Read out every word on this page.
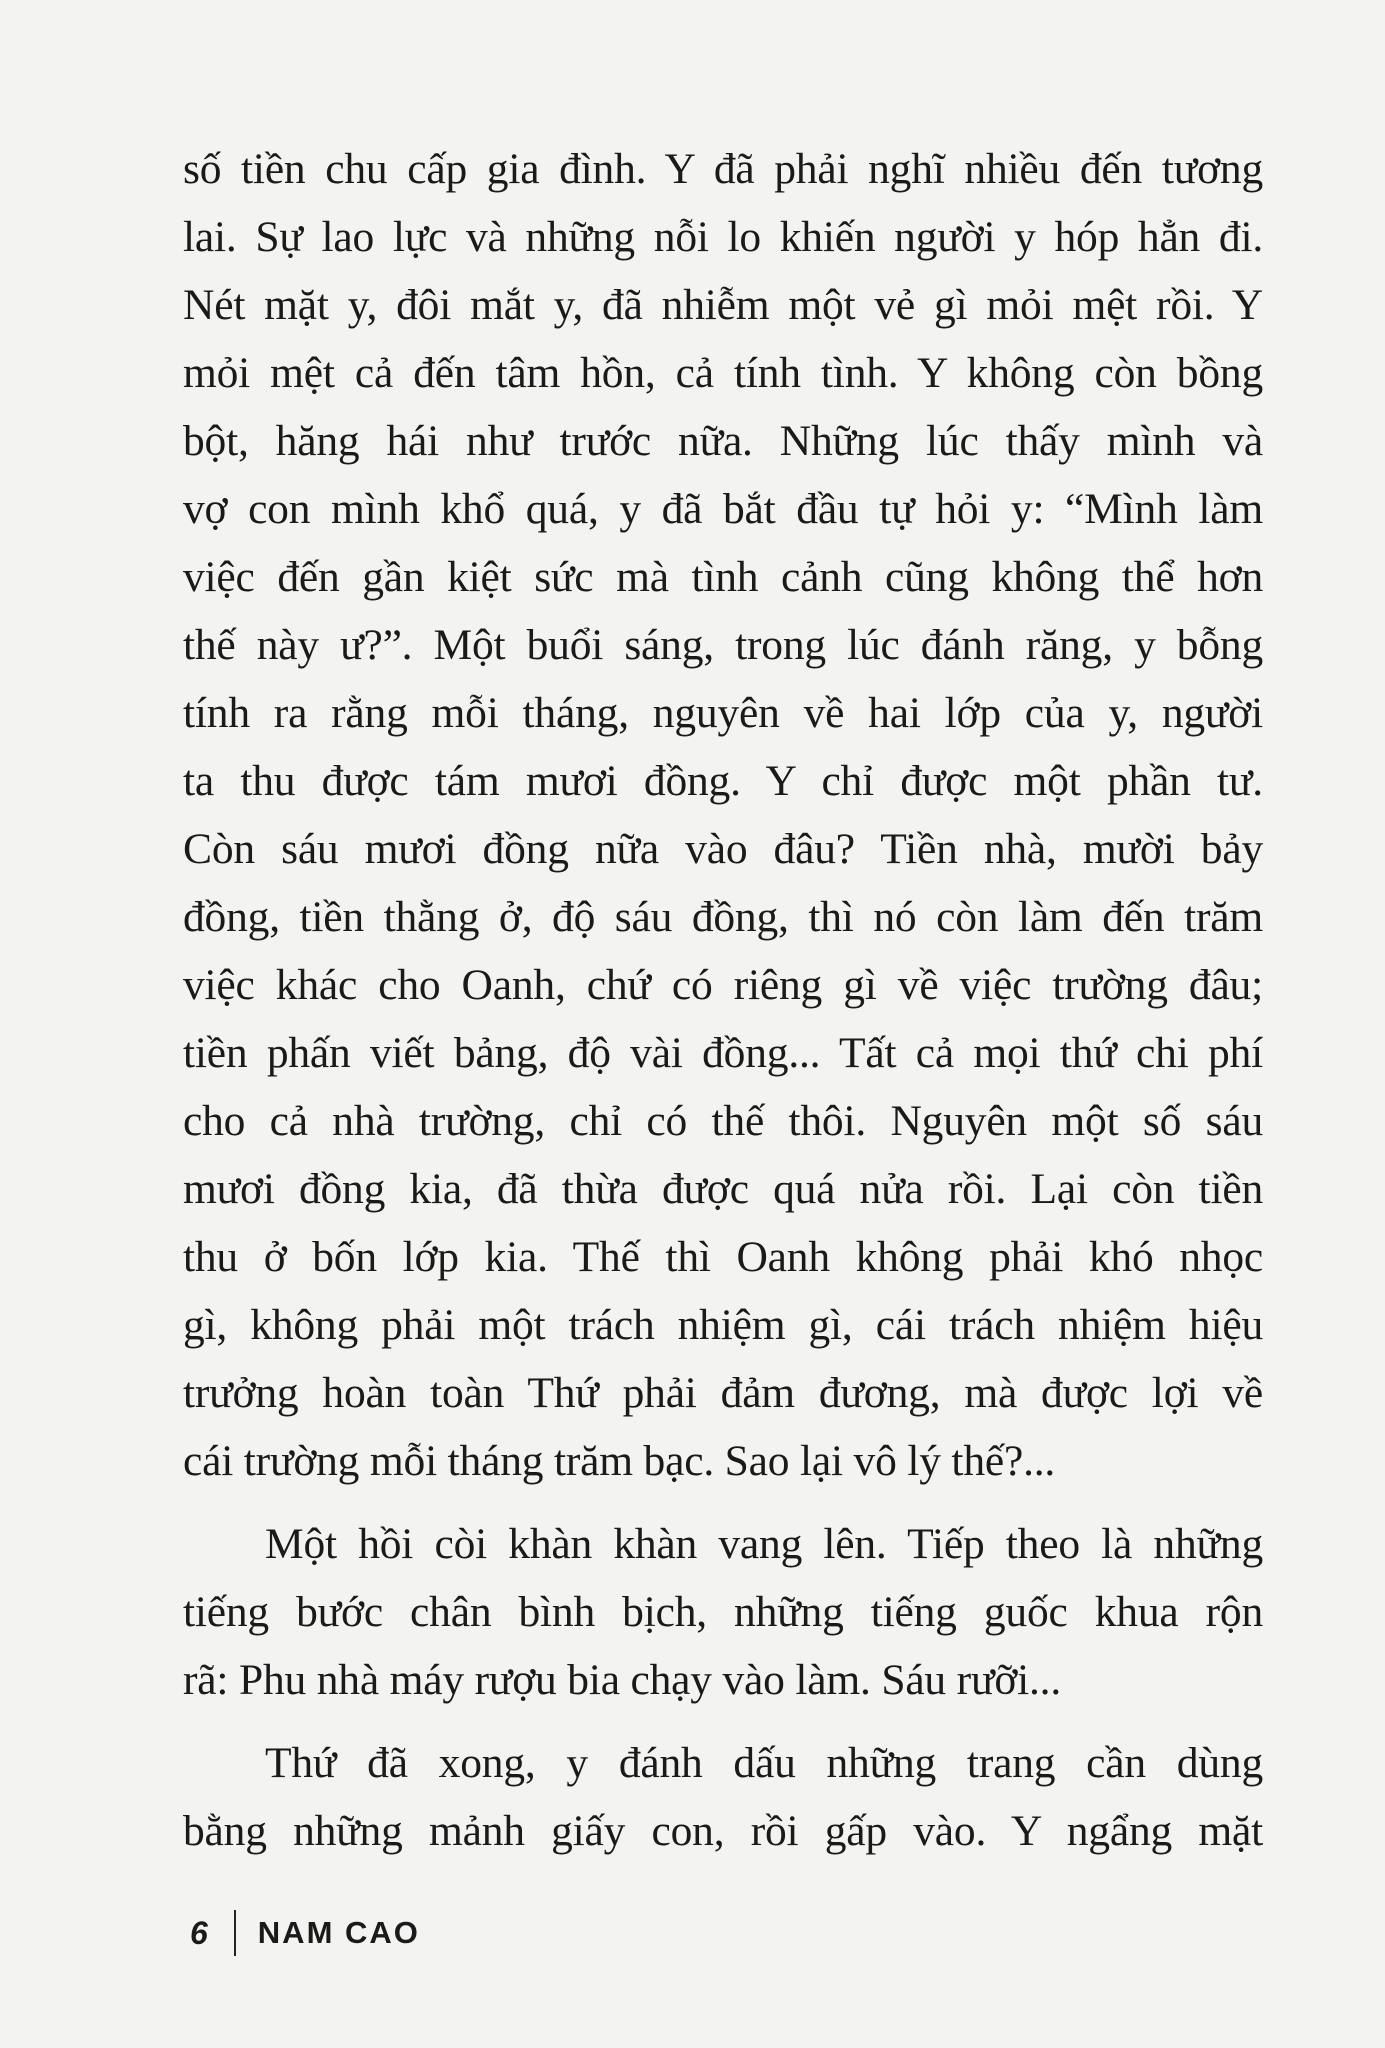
số tiền chu cấp gia đình. Y đã phải nghĩ nhiều đến tương
lai. Sự lao lực và những nỗi lo khiến người y hóp hẳn đi.
Nét mặt y, đôi mắt y, đã nhiễm một vẻ gì mỏi mệt rồi. Y
mỏi mệt cả đến tâm hồn, cả tính tình. Y không còn bồng
bột, hăng hái như trước nữa. Những lúc thấy mình và
vợ con mình khổ quá, y đã bắt đầu tự hỏi y: “Mình làm
việc đến gần kiệt sức mà tình cảnh cũng không thể hơn
thế này ư?”. Một buổi sáng, trong lúc đánh răng, y bỗng
tính ra rằng mỗi tháng, nguyên về hai lớp của y, người
ta thu được tám mươi đồng. Y chỉ được một phần tư.
Còn sáu mươi đồng nữa vào đâu? Tiền nhà, mười bảy
đồng, tiền thằng ở, độ sáu đồng, thì nó còn làm đến trăm
việc khác cho Oanh, chứ có riêng gì về việc trường đâu;
tiền phấn viết bảng, độ vài đồng... Tất cả mọi thứ chi phí
cho cả nhà trường, chỉ có thế thôi. Nguyên một số sáu
mươi đồng kia, đã thừa được quá nửa rồi. Lại còn tiền
thu ở bốn lớp kia. Thế thì Oanh không phải khó nhọc
gì, không phải một trách nhiệm gì, cái trách nhiệm hiệu
trưởng hoàn toàn Thứ phải đảm đương, mà được lợi về
cái trường mỗi tháng trăm bạc. Sao lại vô lý thế?...

Một hồi còi khàn khàn vang lên. Tiếp theo là những
tiếng bước chân bình bịch, những tiếng guốc khua rộn
rã: Phu nhà máy rượu bia chạy vào làm. Sáu rưỡi...

Thứ đã xong, y đánh dấu những trang cần dùng
bằng những mảnh giấy con, rồi gấp vào. Y ngẩng mặt

6 NAM CAO
